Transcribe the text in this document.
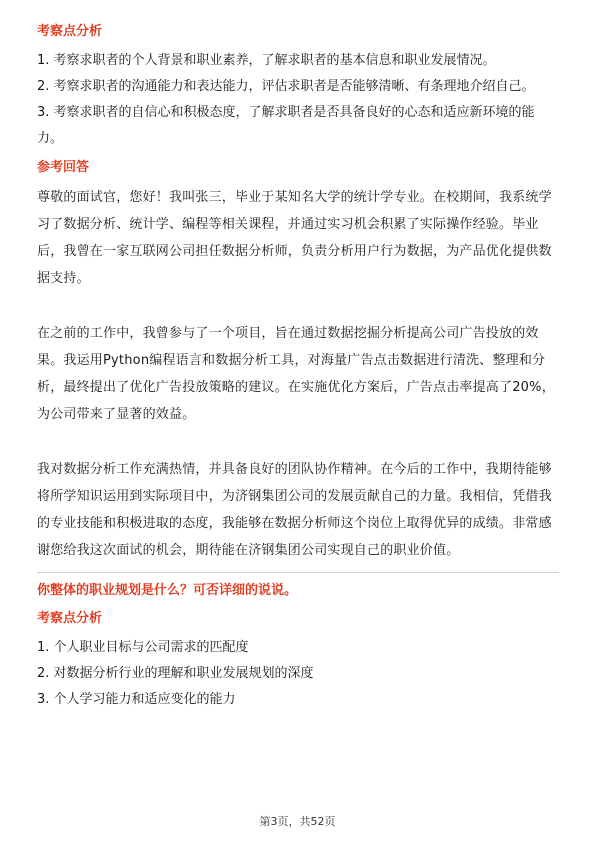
考察点分析

1. 考察求职者的个人背景和职业素养，了解求职者的基本信息和职业发展情况。

2. 考察求职者的沟通能力和表达能力，评估求职者是否能够清晰、有条理地介绍自己。

3. 考察求职者的自信心和积极态度，了解求职者是否具备良好的心态和适应新环境的能力。

参考回答

尊敬的面试官，您好！我叫张三，毕业于某知名大学的统计学专业。在校期间，我系统学习了数据分析、统计学、编程等相关课程，并通过实习机会积累了实际操作经验。毕业后，我曾在一家互联网公司担任数据分析师，负责分析用户行为数据，为产品优化提供数据支持。

在之前的工作中，我曾参与了一个项目，旨在通过数据挖掘分析提高公司广告投放的效果。我运用Python编程语言和数据分析工具，对海量广告点击数据进行清洗、整理和分析，最终提出了优化广告投放策略的建议。在实施优化方案后，广告点击率提高了20%，为公司带来了显著的效益。

我对数据分析工作充满热情，并具备良好的团队协作精神。在今后的工作中，我期待能够将所学知识运用到实际项目中，为济钢集团公司的发展贡献自己的力量。我相信，凭借我的专业技能和积极进取的态度，我能够在数据分析师这个岗位上取得优异的成绩。非常感谢您给我这次面试的机会，期待能在济钢集团公司实现自己的职业价值。

你整体的职业规划是什么？可否详细的说说。

考察点分析

1. 个人职业目标与公司需求的匹配度

2. 对数据分析行业的理解和职业发展规划的深度

3. 个人学习能力和适应变化的能力

第3页，共52页
